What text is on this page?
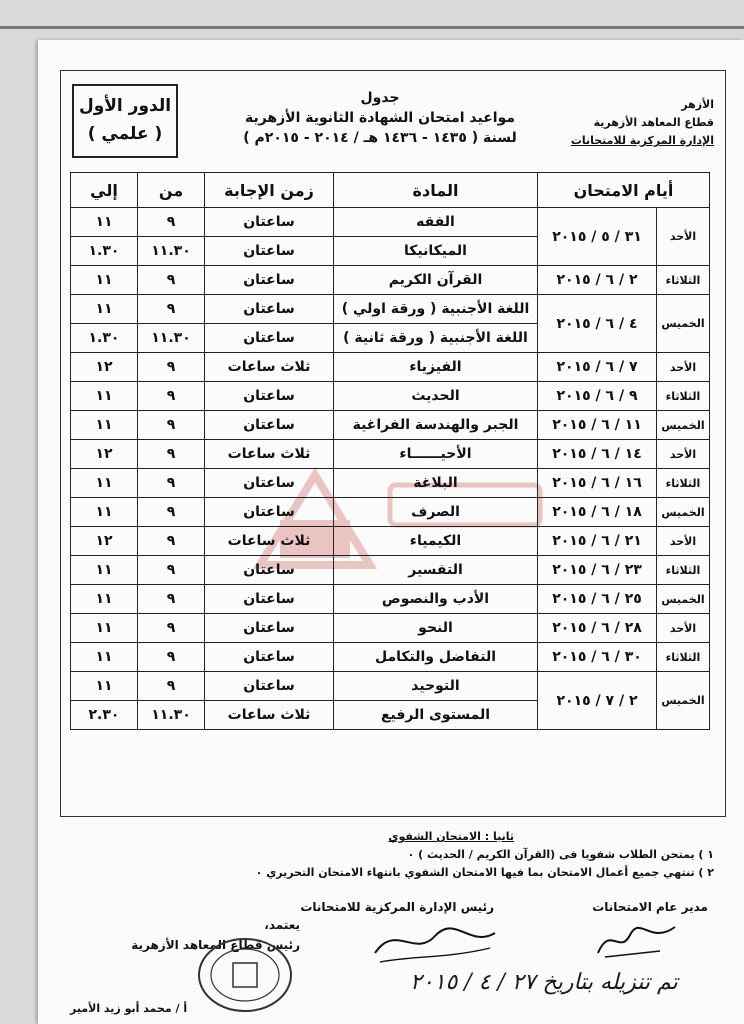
الأزهر
قطاع المعاهد الأزهرية
الإدارة المركزية للامتحانات
جدول
مواعيد امتحان الشهادة الثانوية الأزهرية
لسنة ( ١٤٣٥ - ١٤٣٦ هـ / ٢٠١٤ - ٢٠١٥م )
الدور الأول
( علمي )
أيام الامتحان		المادة	زمن الإجابة	من	إلي
الأحد	٣١ / ٥ / ٢٠١٥	الفقه	ساعتان	٩	١١
		الميكانيكا	ساعتان	١١.٣٠	١.٣٠
الثلاثاء	٢ / ٦ / ٢٠١٥	القرآن الكريم	ساعتان	٩	١١
الخميس	٤ / ٦ / ٢٠١٥	اللغة الأجنبية ( ورقة اولي )	ساعتان	٩	١١
		اللغة الأجنبية ( ورقة ثانية )	ساعتان	١١.٣٠	١.٣٠
الأحد	٧ / ٦ / ٢٠١٥	الفيزياء	ثلاث ساعات	٩	١٢
الثلاثاء	٩ / ٦ / ٢٠١٥	الحديث	ساعتان	٩	١١
الخميس	١١ / ٦ / ٢٠١٥	الجبر والهندسة الفراغية	ساعتان	٩	١١
الأحد	١٤ / ٦ / ٢٠١٥	الأحيــــــاء	ثلاث ساعات	٩	١٢
الثلاثاء	١٦ / ٦ / ٢٠١٥	البلاغة	ساعتان	٩	١١
الخميس	١٨ / ٦ / ٢٠١٥	الصرف	ساعتان	٩	١١
الأحد	٢١ / ٦ / ٢٠١٥	الكيمياء	ثلاث ساعات	٩	١٢
الثلاثاء	٢٣ / ٦ / ٢٠١٥	التفسير	ساعتان	٩	١١
الخميس	٢٥ / ٦ / ٢٠١٥	الأدب والنصوص	ساعتان	٩	١١
الأحد	٢٨ / ٦ / ٢٠١٥	النحو	ساعتان	٩	١١
الثلاثاء	٣٠ / ٦ / ٢٠١٥	التفاضل والتكامل	ساعتان	٩	١١
الخميس	٢ / ٧ / ٢٠١٥	التوحيد	ساعتان	٩	١١
		المستوى الرفيع	ثلاث ساعات	١١.٣٠	٢.٣٠
ثانيا : الامتحان الشفوي
١ ) يمتحن الطلاب شفويا فى (القرآن الكريم / الحديث ) ٠
٢ ) تنتهي جميع أعمال الامتحان بما فيها الامتحان الشفوي بانتهاء الامتحان التحريري ٠
مدير عام الامتحانات
رئيس الإدارة المركزية للامتحانات
يعتمد،
رئيس قطاع المعاهد الأزهرية
أ / محمد أبو زيد الأمير
تم تنزيله بتاريخ ٢٧ / ٤ / ٢٠١٥
